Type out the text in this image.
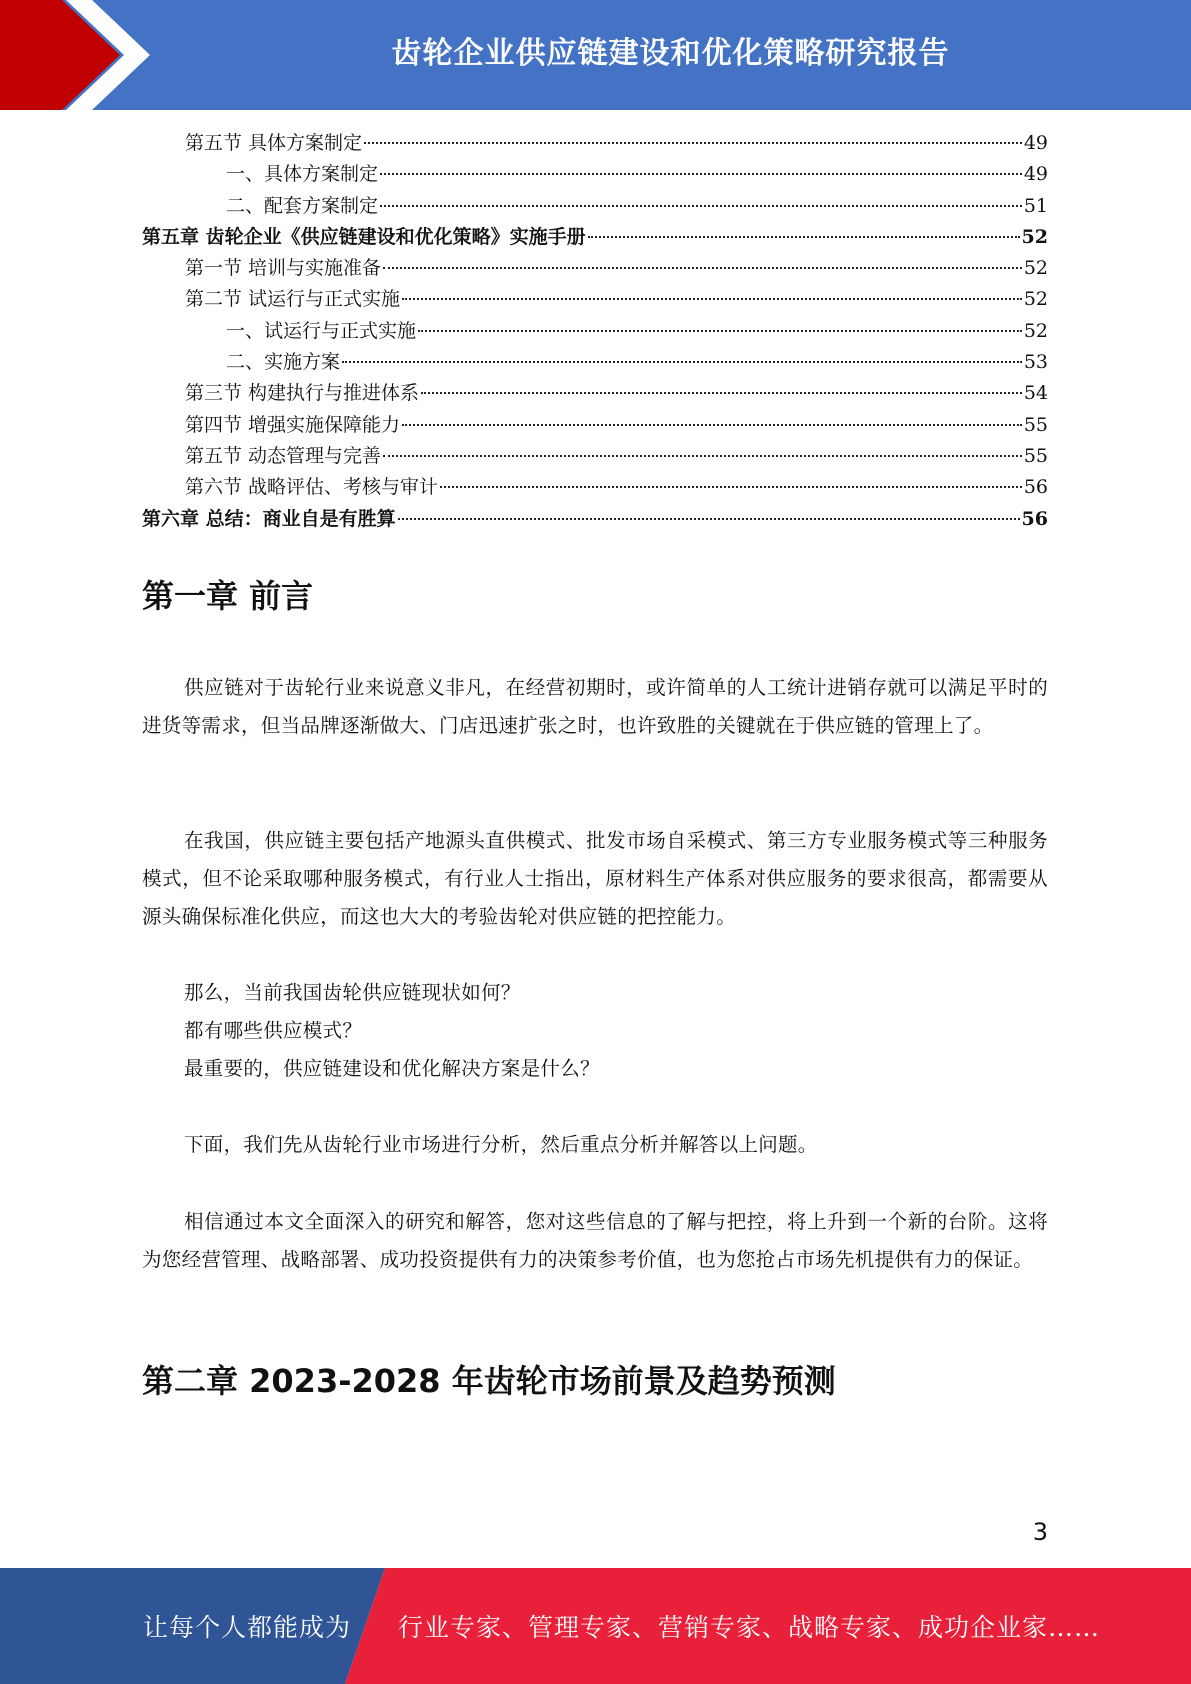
齿轮企业供应链建设和优化策略研究报告
第五节 具体方案制定	49
一、具体方案制定	49
二、配套方案制定	51
第五章 齿轮企业《供应链建设和优化策略》实施手册	52
第一节 培训与实施准备	52
第二节 试运行与正式实施	52
一、试运行与正式实施	52
二、实施方案	53
第三节 构建执行与推进体系	54
第四节 增强实施保障能力	55
第五节 动态管理与完善	55
第六节 战略评估、考核与审计	56
第六章 总结：商业自是有胜算	56
第一章 前言

供应链对于齿轮行业来说意义非凡，在经营初期时，或许简单的人工统计进销存就可以满足平时的进货等需求，但当品牌逐渐做大、门店迅速扩张之时，也许致胜的关键就在于供应链的管理上了。

在我国，供应链主要包括产地源头直供模式、批发市场自采模式、第三方专业服务模式等三种服务模式，但不论采取哪种服务模式，有行业人士指出，原材料生产体系对供应服务的要求很高，都需要从源头确保标准化供应，而这也大大的考验齿轮对供应链的把控能力。

那么，当前我国齿轮供应链现状如何？

都有哪些供应模式？

最重要的，供应链建设和优化解决方案是什么？

下面，我们先从齿轮行业市场进行分析，然后重点分析并解答以上问题。

相信通过本文全面深入的研究和解答，您对这些信息的了解与把控，将上升到一个新的台阶。这将为您经营管理、战略部署、成功投资提供有力的决策参考价值，也为您抢占市场先机提供有力的保证。

第二章 2023-2028 年齿轮市场前景及趋势预测
3
让每个人都能成为 行业专家、管理专家、营销专家、战略专家、成功企业家……
